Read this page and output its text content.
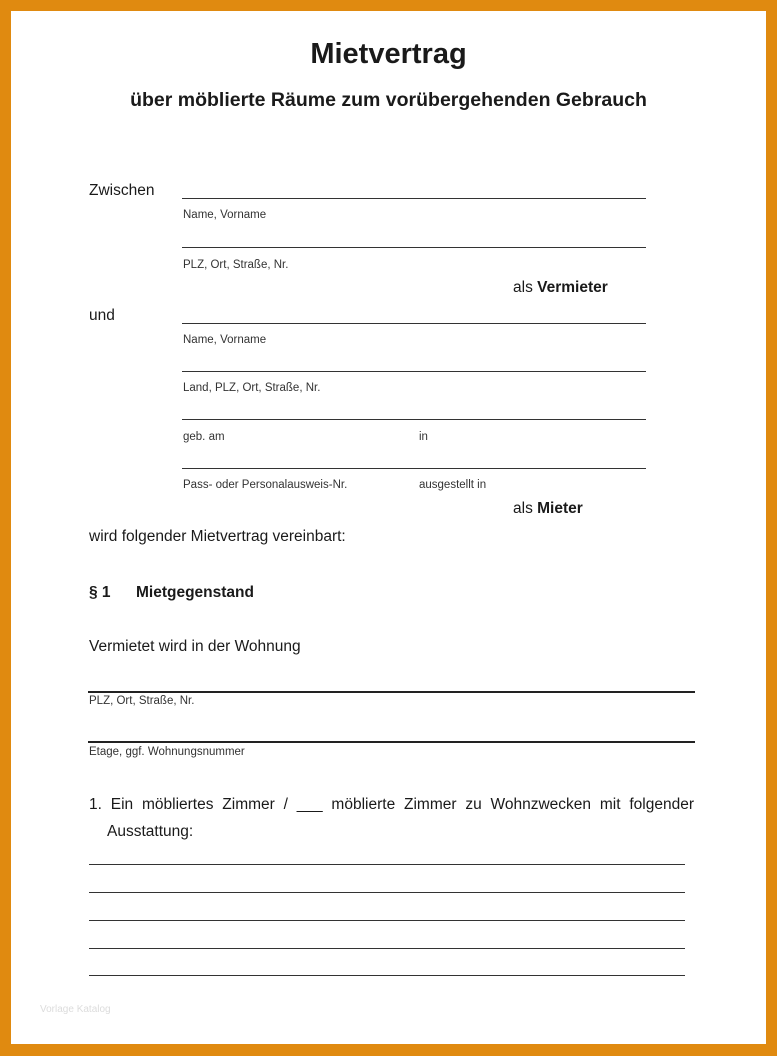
Mietvertrag
über möblierte Räume zum vorübergehenden Gebrauch
Zwischen
Name, Vorname
PLZ, Ort, Straße, Nr.
als Vermieter
und
Name, Vorname
Land, PLZ, Ort, Straße, Nr.
geb. am	in
Pass- oder Personalausweis-Nr.	ausgestellt in
als Mieter
wird folgender Mietvertrag vereinbart:
§ 1 Mietgegenstand
Vermietet wird in der Wohnung
PLZ, Ort, Straße, Nr.
Etage, ggf. Wohnungsnummer
1. Ein möbliertes Zimmer / ___ möblierte Zimmer zu Wohnzwecken mit folgender
Ausstattung:
Vorlage Katalog
